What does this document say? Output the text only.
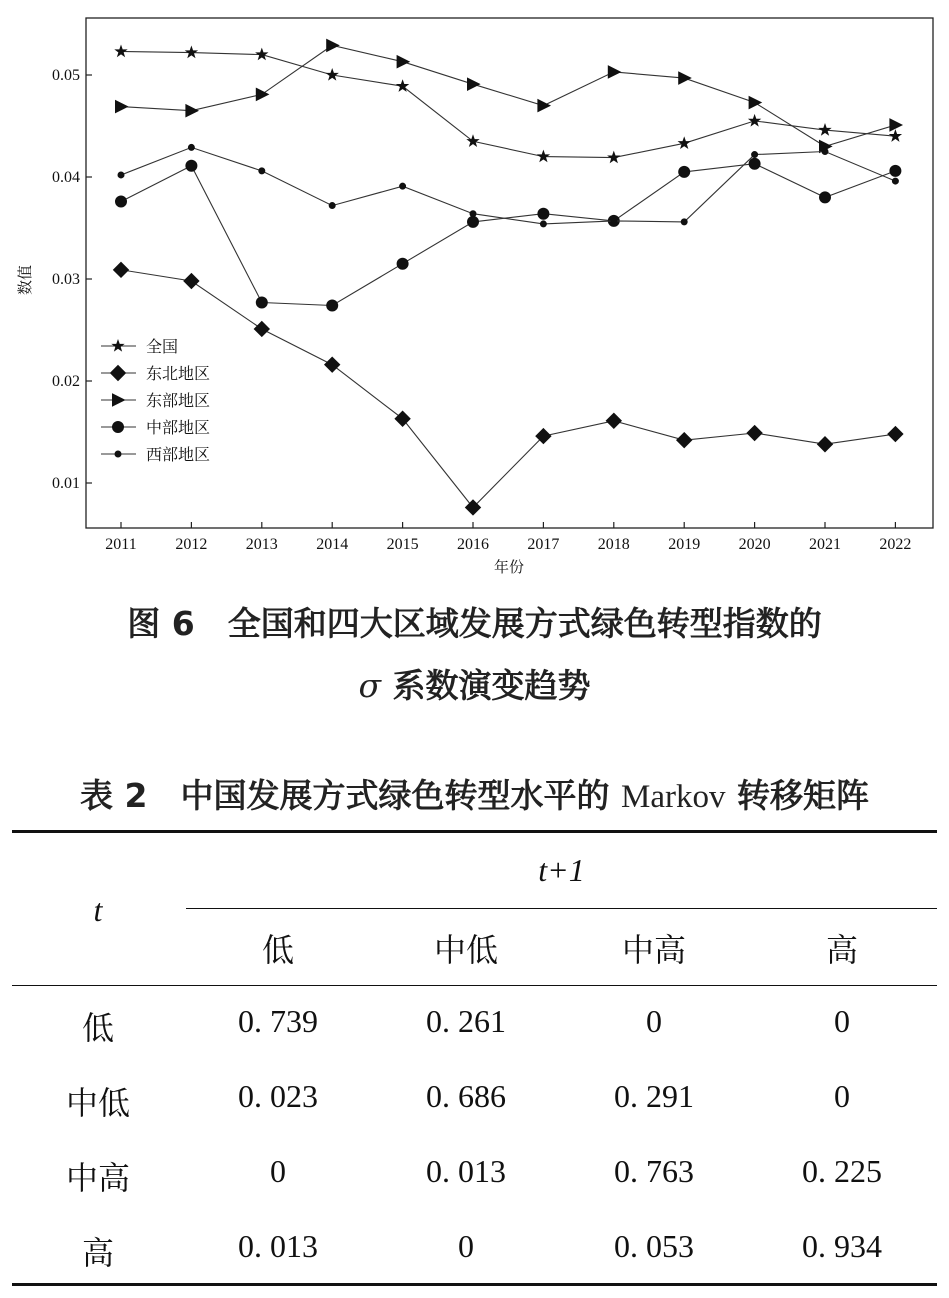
0.01
0.02
0.03
0.04
0.05
2011 2012 2013 2014 2015 2016 2017 2018 2019 2020 2021 2022
年份
数值
全国
东北地区
东部地区
中部地区
西部地区
图 6　全国和四大区域发展方式绿色转型指数的
σ 系数演变趋势
表 2　中国发展方式绿色转型水平的 Markov 转移矩阵
t
t+1
低	中低	中高	高
低	0. 739	0. 261	0	0
中低	0. 023	0. 686	0. 291	0
中高	0	0. 013	0. 763	0. 225
高	0. 013	0	0. 053	0. 934
